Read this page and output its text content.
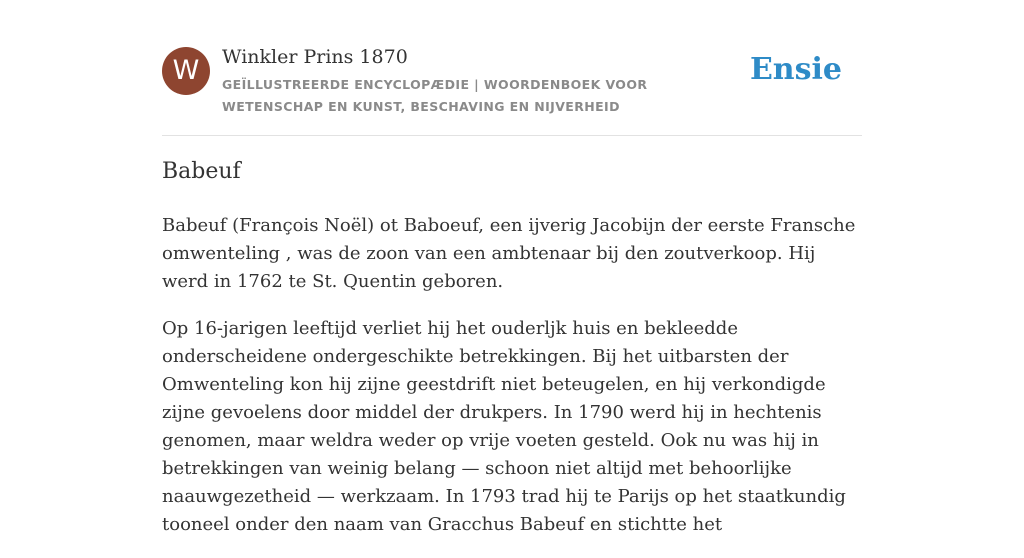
W	Winkler Prins 1870
GEÏLLUSTREERDE ENCYCLOPÆDIE | WOORDENBOEK VOOR WETENSCHAP EN KUNST, BESCHAVING EN NIJVERHEID
Ensie
Babeuf

Babeuf (François Noël) ot Baboeuf, een ijverig Jacobijn der eerste Fransche omwenteling , was de zoon van een ambtenaar bij den zoutverkoop. Hij werd in 1762 te St. Quentin geboren.

Op 16-jarigen leeftijd verliet hij het ouderljk huis en bekleedde onderscheidene ondergeschikte betrekkingen. Bij het uitbarsten der Omwenteling kon hij zijne geestdrift niet beteugelen, en hij verkondigde zijne gevoelens door middel der drukpers. In 1790 werd hij in hechtenis genomen, maar weldra weder op vrije voeten gesteld. Ook nu was hij in betrekkingen van weinig belang — schoon niet altijd met behoorlijke naauwgezetheid — werkzaam. In 1793 trad hij te Parijs op het staatkundig tooneel onder den naam van Gracchus Babeuf en stichtte het
